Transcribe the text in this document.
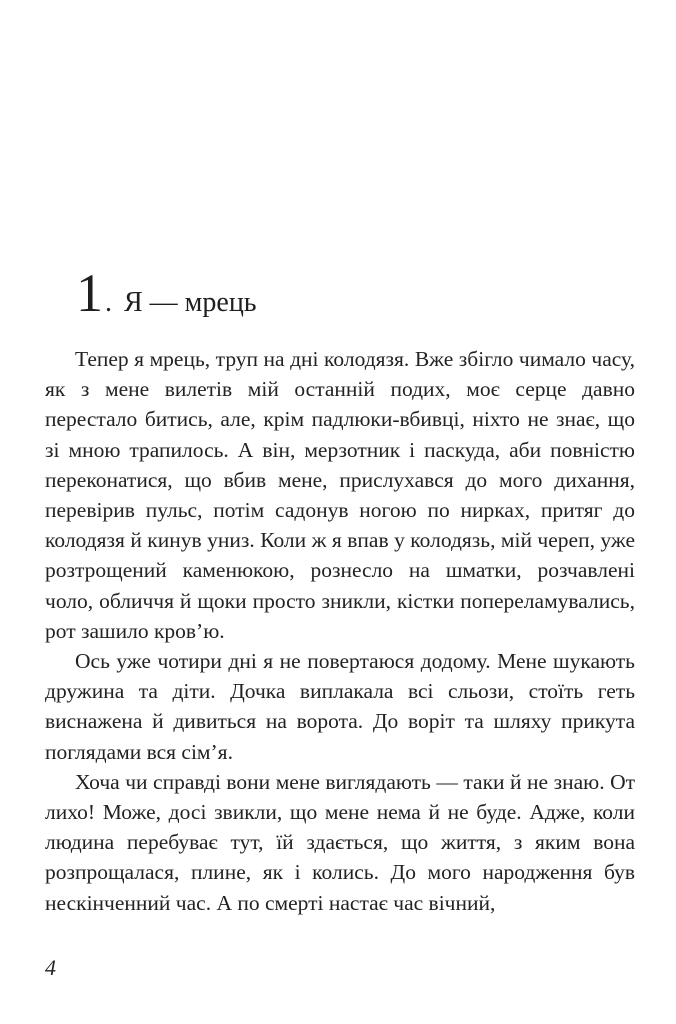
1. Я — мрець

Тепер я мрець, труп на дні колодязя. Вже збігло чимало часу, як з мене вилетів мій останній подих, моє серце давно перестало битись, але, крім падлюки-вбивці, ніхто не знає, що зі мною трапилось. А він, мерзотник і паскуда, аби повністю переконатися, що вбив мене, прислухався до мого дихання, перевірив пульс, потім садонув ногою по нирках, притяг до колодязя й кинув униз. Коли ж я впав у колодязь, мій череп, уже розтрощений каменюкою, рознесло на шматки, розчавлені чоло, обличчя й щоки просто зникли, кістки попереламувались, рот зашило кров’ю.

Ось уже чотири дні я не повертаюся додому. Мене шукають дружина та діти. Дочка виплакала всі сльози, стоїть геть виснажена й дивиться на ворота. До воріт та шляху прикута поглядами вся сім’я.

Хоча чи справді вони мене виглядають — таки й не знаю. От лихо! Може, досі звикли, що мене нема й не буде. Адже, коли людина перебуває тут, їй здається, що життя, з яким вона розпрощалася, плине, як і колись. До мого народження був нескінченний час. А по смерті настає час вічний,

4
